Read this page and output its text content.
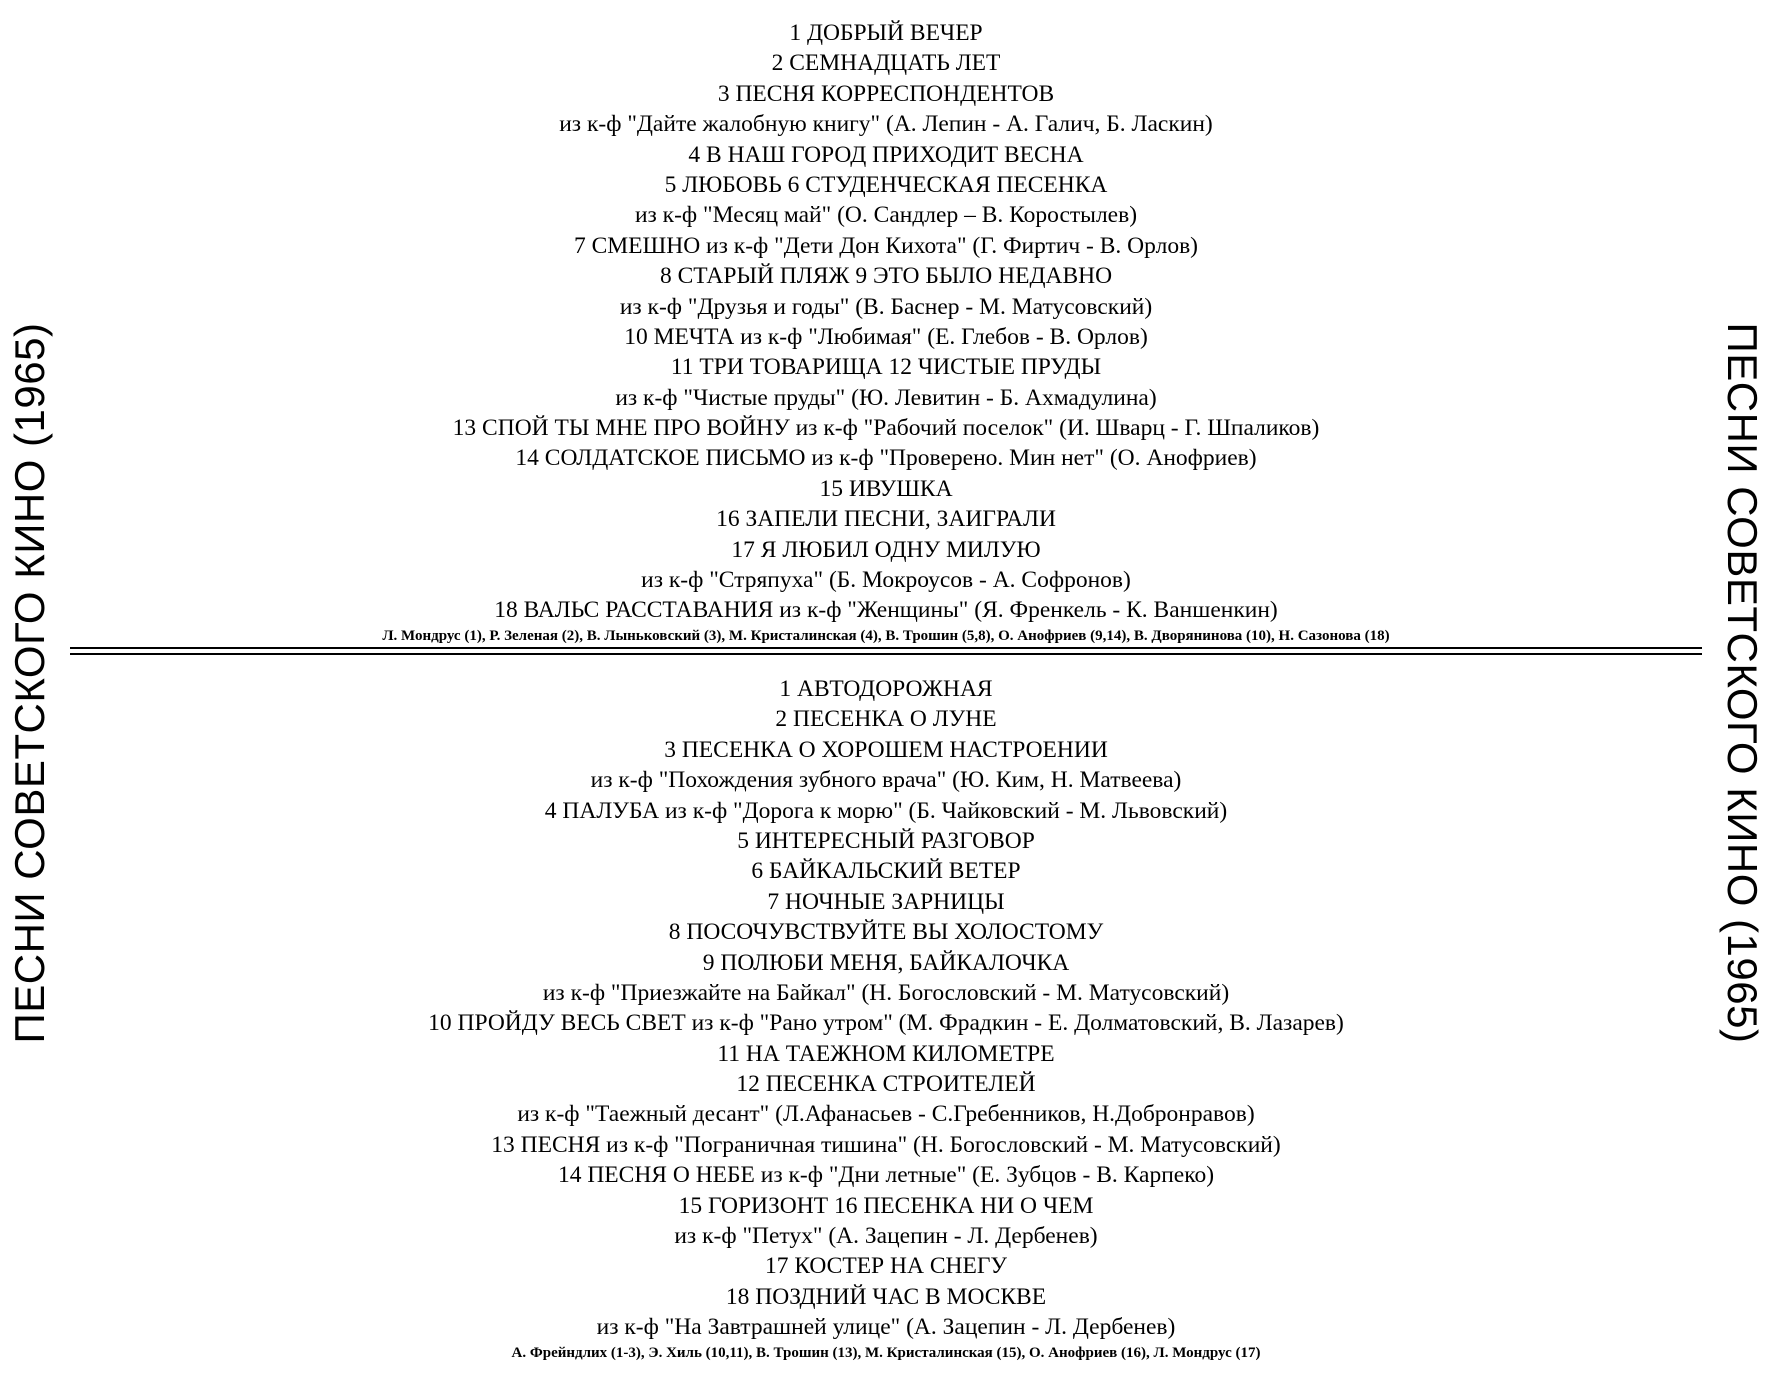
ПЕСНИ СОВЕТСКОГО КИНО (1965)	ПЕСНИ СОВЕТСКОГО КИНО (1965)
1 ДОБРЫЙ ВЕЧЕР
2 СЕМНАДЦАТЬ ЛЕТ
3 ПЕСНЯ КОРРЕСПОНДЕНТОВ
из к-ф "Дайте жалобную книгу" (А. Лепин - А. Галич, Б. Ласкин)
4 В НАШ ГОРОД ПРИХОДИТ ВЕСНА
5 ЛЮБОВЬ 6 СТУДЕНЧЕСКАЯ ПЕСЕНКА
из к-ф "Месяц май" (О. Сандлер – В. Коростылев)
7 СМЕШНО из к-ф "Дети Дон Кихота" (Г. Фиртич - В. Орлов)
8 СТАРЫЙ ПЛЯЖ 9 ЭТО БЫЛО НЕДАВНО
из к-ф "Друзья и годы" (В. Баснер - М. Матусовский)
10 МЕЧТА из к-ф "Любимая" (Е. Глебов - В. Орлов)
11 ТРИ ТОВАРИЩА 12 ЧИСТЫЕ ПРУДЫ
из к-ф "Чистые пруды" (Ю. Левитин - Б. Ахмадулина)
13 СПОЙ ТЫ МНЕ ПРО ВОЙНУ из к-ф "Рабочий поселок" (И. Шварц - Г. Шпаликов)
14 СОЛДАТСКОЕ ПИСЬМО из к-ф "Проверено. Мин нет" (О. Анофриев)
15 ИВУШКА
16 ЗАПЕЛИ ПЕСНИ, ЗАИГРАЛИ
17 Я ЛЮБИЛ ОДНУ МИЛУЮ
из к-ф "Стряпуха" (Б. Мокроусов - А. Софронов)
18 ВАЛЬС РАССТАВАНИЯ из к-ф "Женщины" (Я. Френкель - К. Ваншенкин)
Л. Мондрус (1), Р. Зеленая (2), В. Лыньковский (3), М. Кристалинская (4), В. Трошин (5,8), О. Анофриев (9,14), В. Дворянинова (10), Н. Сазонова (18)
1 АВТОДОРОЖНАЯ
2 ПЕСЕНКА О ЛУНЕ
3 ПЕСЕНКА О ХОРОШЕМ НАСТРОЕНИИ
из к-ф "Похождения зубного врача" (Ю. Ким, Н. Матвеева)
4 ПАЛУБА из к-ф "Дорога к морю" (Б. Чайковский - М. Львовский)
5 ИНТЕРЕСНЫЙ РАЗГОВОР
6 БАЙКАЛЬСКИЙ ВЕТЕР
7 НОЧНЫЕ ЗАРНИЦЫ
8 ПОСОЧУВСТВУЙТЕ ВЫ ХОЛОСТОМУ
9 ПОЛЮБИ МЕНЯ, БАЙКАЛОЧКА
из к-ф "Приезжайте на Байкал" (Н. Богословский - М. Матусовский)
10 ПРОЙДУ ВЕСЬ СВЕТ из к-ф "Рано утром" (М. Фрадкин - Е. Долматовский, В. Лазарев)
11 НА ТАЕЖНОМ КИЛОМЕТРЕ
12 ПЕСЕНКА СТРОИТЕЛЕЙ
из к-ф "Таежный десант" (Л.Афанасьев - С.Гребенников, Н.Добронравов)
13 ПЕСНЯ из к-ф "Пограничная тишина" (Н. Богословский - М. Матусовский)
14 ПЕСНЯ О НЕБЕ из к-ф "Дни летные" (Е. Зубцов - В. Карпеко)
15 ГОРИЗОНТ 16 ПЕСЕНКА НИ О ЧЕМ
из к-ф "Петух" (А. Зацепин - Л. Дербенев)
17 КОСТЕР НА СНЕГУ
18 ПОЗДНИЙ ЧАС В МОСКВЕ
из к-ф "На Завтрашней улице" (А. Зацепин - Л. Дербенев)
А. Фрейндлих (1-3), Э. Хиль (10,11), В. Трошин (13), М. Кристалинская (15), О. Анофриев (16), Л. Мондрус (17)
